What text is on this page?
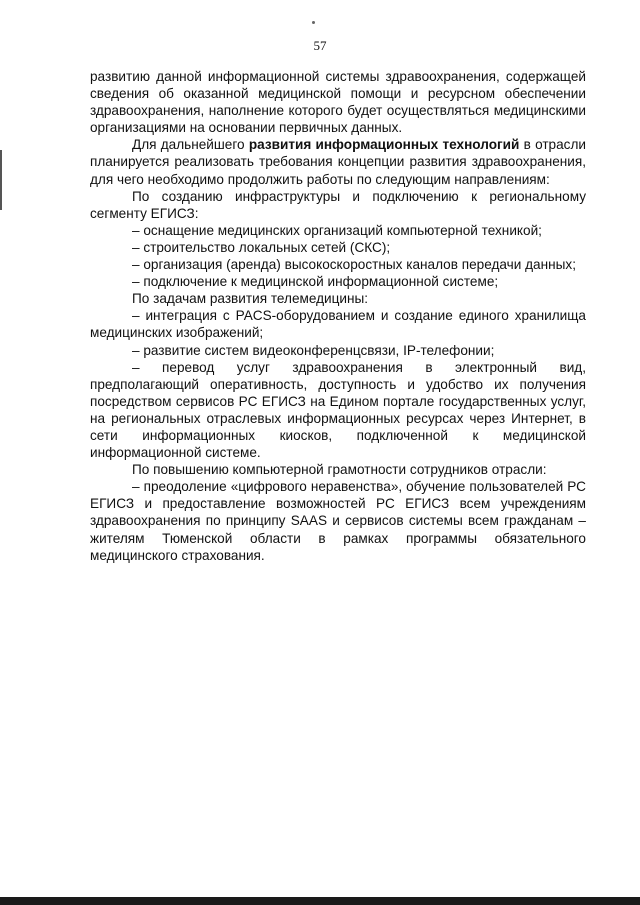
57

развитию данной информационной системы здравоохранения, содержащей сведения об оказанной медицинской помощи и ресурсном обеспечении здравоохранения, наполнение которого будет осуществляться медицинскими организациями на основании первичных данных.

Для дальнейшего развития информационных технологий в отрасли планируется реализовать требования концепции развития здравоохранения, для чего необходимо продолжить работы по следующим направлениям:

По созданию инфраструктуры и подключению к региональному сегменту ЕГИСЗ:

– оснащение медицинских организаций компьютерной техникой;

– строительство локальных сетей (СКС);

– организация (аренда) высокоскоростных каналов передачи данных;

– подключение к медицинской информационной системе;

По задачам развития телемедицины:

– интеграция с PACS-оборудованием и создание единого хранилища медицинских изображений;

– развитие систем видеоконференцсвязи, IP-телефонии;

– перевод услуг здравоохранения в электронный вид, предполагающий оперативность, доступность и удобство их получения посредством сервисов РС ЕГИСЗ на Едином портале государственных услуг, на региональных отраслевых информационных ресурсах через Интернет, в сети информационных киосков, подключенной к медицинской информационной системе.

По повышению компьютерной грамотности сотрудников отрасли:

– преодоление «цифрового неравенства», обучение пользователей РС ЕГИСЗ и предоставление возможностей РС ЕГИСЗ всем учреждениям здравоохранения по принципу SAAS и сервисов системы всем гражданам – жителям Тюменской области в рамках программы обязательного медицинского страхования.
